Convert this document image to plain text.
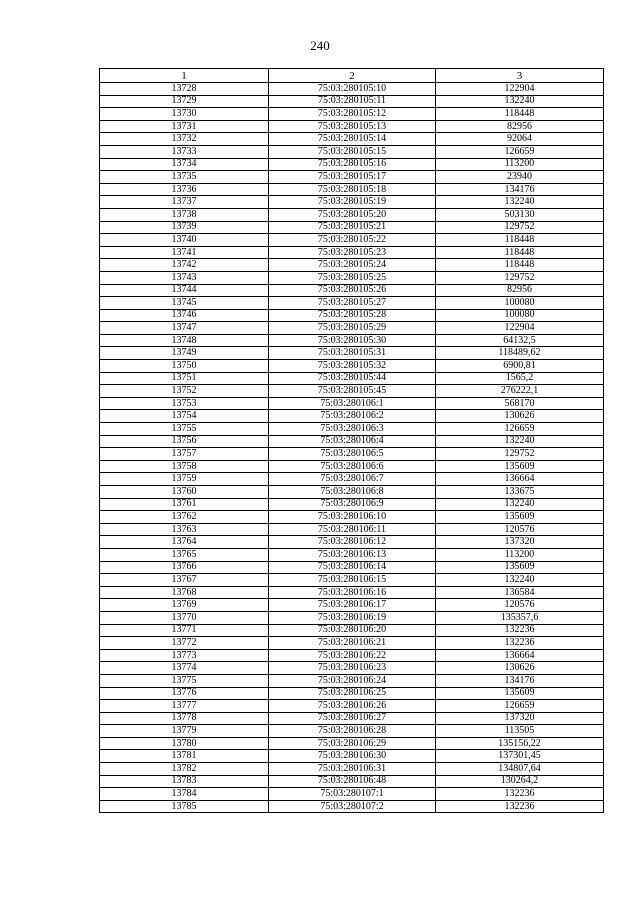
240
1	2	3
13728	75:03:280105:10	122904
13729	75:03:280105:11	132240
13730	75:03:280105:12	118448
13731	75:03:280105:13	82956
13732	75:03:280105:14	92064
13733	75:03:280105:15	126659
13734	75:03:280105:16	113200
13735	75:03:280105:17	23940
13736	75:03:280105:18	134176
13737	75:03:280105:19	132240
13738	75:03:280105:20	503130
13739	75:03:280105:21	129752
13740	75:03:280105:22	118448
13741	75:03:280105:23	118448
13742	75:03:280105:24	118448
13743	75:03:280105:25	129752
13744	75:03:280105:26	82956
13745	75:03:280105:27	100080
13746	75:03:280105:28	100080
13747	75:03:280105:29	122904
13748	75:03:280105:30	64132,5
13749	75:03:280105:31	118489,62
13750	75:03:280105:32	6900,81
13751	75:03:280105:44	1565,2
13752	75:03:280105:45	276222,1
13753	75:03:280106:1	568170
13754	75:03:280106:2	130626
13755	75:03:280106:3	126659
13756	75:03:280106:4	132240
13757	75:03:280106:5	129752
13758	75:03:280106:6	135609
13759	75:03:280106:7	136664
13760	75:03:280106:8	133675
13761	75:03:280106:9	132240
13762	75:03:280106:10	135609
13763	75:03:280106:11	120576
13764	75:03:280106:12	137320
13765	75:03:280106:13	113200
13766	75:03:280106:14	135609
13767	75:03:280106:15	132240
13768	75:03:280106:16	136584
13769	75:03:280106:17	120576
13770	75:03:280106:19	135357,6
13771	75:03:280106:20	132236
13772	75:03:280106:21	132236
13773	75:03:280106:22	136664
13774	75:03:280106:23	130626
13775	75:03:280106:24	134176
13776	75:03:280106:25	135609
13777	75:03:280106:26	126659
13778	75:03:280106:27	137320
13779	75:03:280106:28	113505
13780	75:03:280106:29	135156,22
13781	75:03:280106:30	137301,45
13782	75:03:280106:31	134807,64
13783	75:03:280106:48	130264,2
13784	75:03:280107:1	132236
13785	75:03:280107:2	132236
